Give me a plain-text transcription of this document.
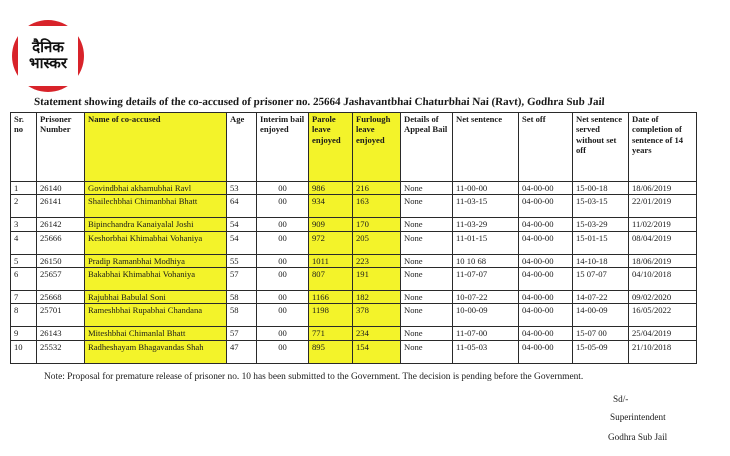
दैनिक
भास्कर
Statement showing details of the co-accused of prisoner no. 25664 Jashavantbhai Chaturbhai Nai (Ravt), Godhra Sub Jail
Sr. no	Prisoner Number	Name of co-accused	Age	Interim bail enjoyed	Parole leave enjoyed	Furlough leave enjoyed	Details of Appeal Bail	Net sentence	Set off	Net sentence served without set off	Date of completion of sentence of 14 years
1	26140	Govindbhai akhamubhai Ravl	53	00	986	216	None	11-00-00	04-00-00	15-00-18	18/06/2019
2	26141	Shailechbhai Chimanbhai Bhatt	64	00	934	163	None	11-03-15	04-00-00	15-03-15	22/01/2019
3	26142	Bipinchandra Kanaiyalal Joshi	54	00	909	170	None	11-03-29	04-00-00	15-03-29	11/02/2019
4	25666	Keshorbhai Khimabhai Vohaniya	54	00	972	205	None	11-01-15	04-00-00	15-01-15	08/04/2019
5	26150	Pradip Ramanbhai Modhiya	55	00	1011	223	None	10 10 68	04-00-00	14-10-18	18/06/2019
6	25657	Bakabhai Khimabhai Vohaniya	57	00	807	191	None	11-07-07	04-00-00	15 07-07	04/10/2018
7	25668	Rajubhai Babulal Soni	58	00	1166	182	None	10-07-22	04-00-00	14-07-22	09/02/2020
8	25701	Rameshbhai Rupabhai Chandana	58	00	1198	378	None	10-00-09	04-00-00	14-00-09	16/05/2022
9	26143	Miteshbhai Chimanlal Bhatt	57	00	771	234	None	11-07-00	04-00-00	15-07 00	25/04/2019
10	25532	Radheshayam Bhagavandas Shah	47	00	895	154	None	11-05-03	04-00-00	15-05-09	21/10/2018
Note: Proposal for premature release of prisoner no. 10 has been submitted to the Government. The decision is pending before the Government.
Sd/-
Superintendent
Godhra Sub Jail
